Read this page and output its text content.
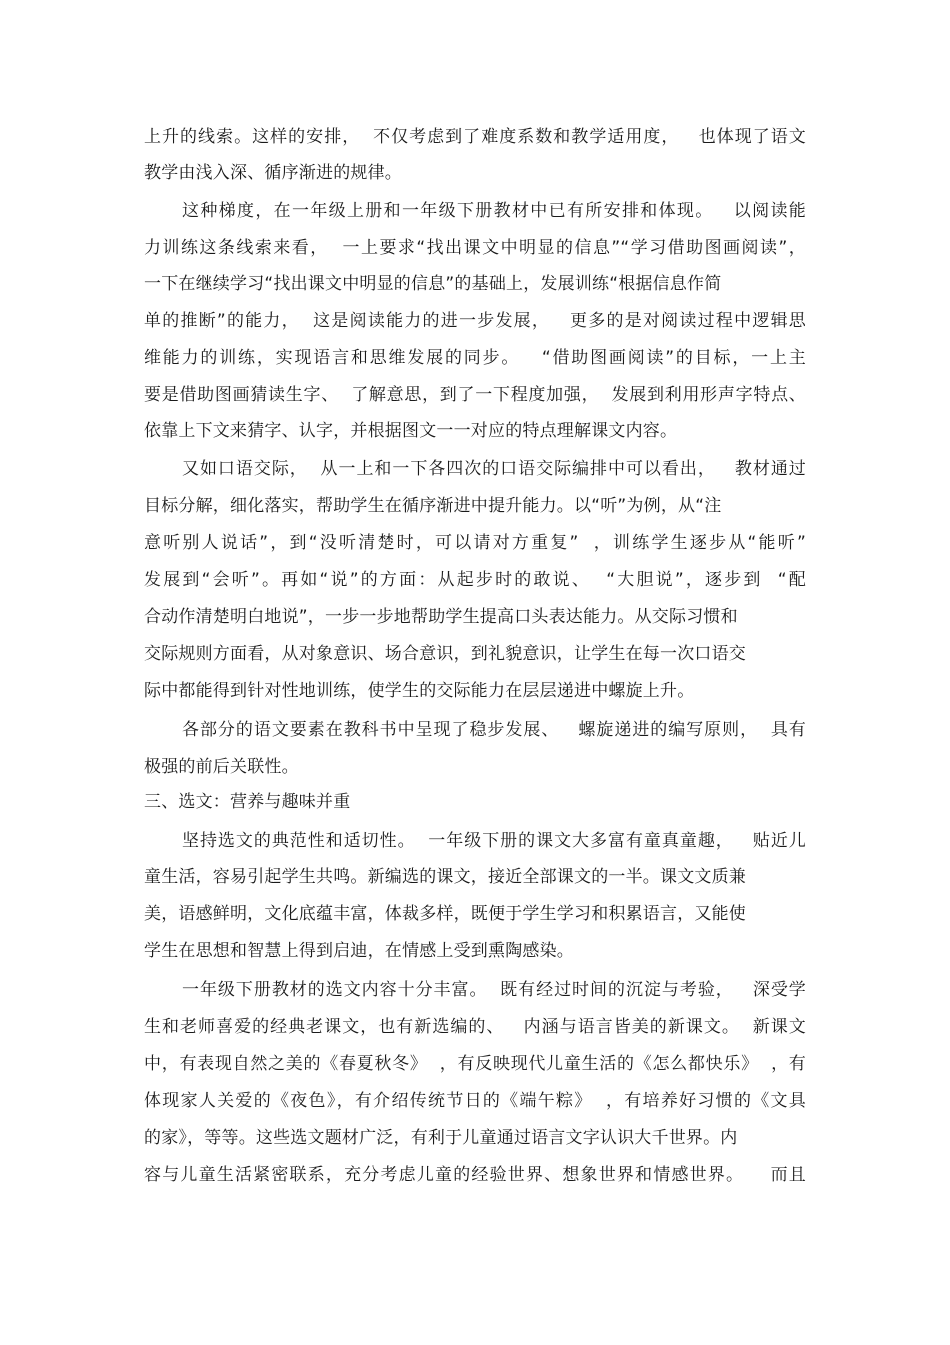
上升的线索。这样的安排，  不仅考虑到了难度系数和教学适用度，   也体现了语文
教学由浅入深、循序渐进的规律。
这种梯度，在一年级上册和一年级下册教材中已有所安排和体现。   以阅读能
力训练这条线索来看，  一上要求“找出课文中明显的信息”“学习借助图画阅读”，
一下在继续学习“找出课文中明显的信息”的基础上，发展训练“根据信息作简
单的推断”的能力，  这是阅读能力的进一步发展，   更多的是对阅读过程中逻辑思
维能力的训练，实现语言和思维发展的同步。   “借助图画阅读”的目标，一上主
要是借助图画猜读生字、  了解意思，到了一下程度加强，  发展到利用形声字特点、
依靠上下文来猜字、认字，并根据图文一一对应的特点理解课文内容。
又如口语交际，  从一上和一下各四次的口语交际编排中可以看出，   教材通过
目标分解，细化落实，帮助学生在循序渐进中提升能力。以“听”为例，从“注
意听别人说话”，到“没听清楚时，可以请对方重复”  ，训练学生逐步从“能听”
发展到“会听”。再如“说”的方面：从起步时的敢说、  “大胆说”，逐步到  “配
合动作清楚明白地说”，一步一步地帮助学生提高口头表达能力。从交际习惯和
交际规则方面看，从对象意识、场合意识，到礼貌意识，让学生在每一次口语交
际中都能得到针对性地训练，使学生的交际能力在层层递进中螺旋上升。
各部分的语文要素在教科书中呈现了稳步发展、   螺旋递进的编写原则，  具有
极强的前后关联性。
三、选文：营养与趣味并重
坚持选文的典范性和适切性。  一年级下册的课文大多富有童真童趣，   贴近儿
童生活，容易引起学生共鸣。新编选的课文，接近全部课文的一半。课文文质兼
美，语感鲜明，文化底蕴丰富，体裁多样，既便于学生学习和积累语言，又能使
学生在思想和智慧上得到启迪，在情感上受到熏陶感染。
一年级下册教材的选文内容十分丰富。  既有经过时间的沉淀与考验，   深受学
生和老师喜爱的经典老课文，也有新选编的、   内涵与语言皆美的新课文。  新课文
中，有表现自然之美的《春夏秋冬》  ，有反映现代儿童生活的《怎么都快乐》  ，有
体现家人关爱的《夜色》，有介绍传统节日的《端午粽》  ，有培养好习惯的《文具
的家》，等等。这些选文题材广泛，有利于儿童通过语言文字认识大千世界。内
容与儿童生活紧密联系，充分考虑儿童的经验世界、想象世界和情感世界。    而且
